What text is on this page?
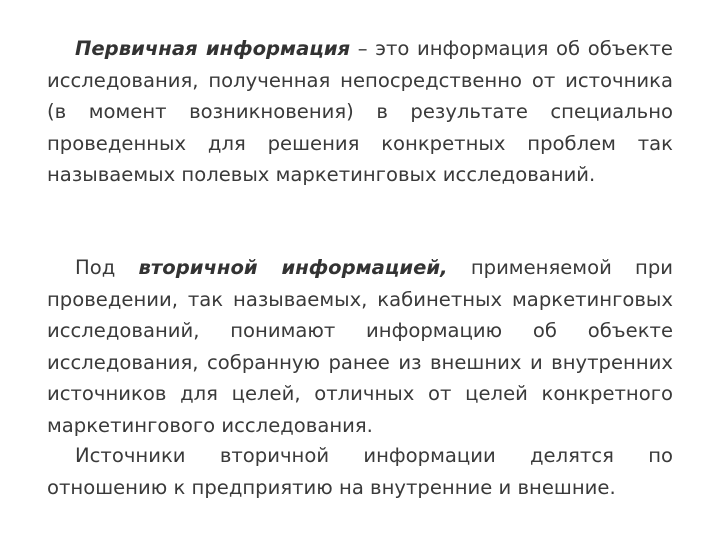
Первичная информация – это информация об объекте исследования, полученная непосредственно от источника (в момент возникновения) в результате специально проведенных для решения конкретных проблем так называемых полевых маркетинговых исследований.
Под вторичной информацией, применяемой при проведении, так называемых, кабинетных маркетинговых исследований, понимают информацию об объекте исследования, собранную ранее из внешних и внутренних источников для целей, отличных от целей конкретного маркетингового исследования.
Источники вторичной информации делятся по отношению к предприятию на внутренние и внешние.
